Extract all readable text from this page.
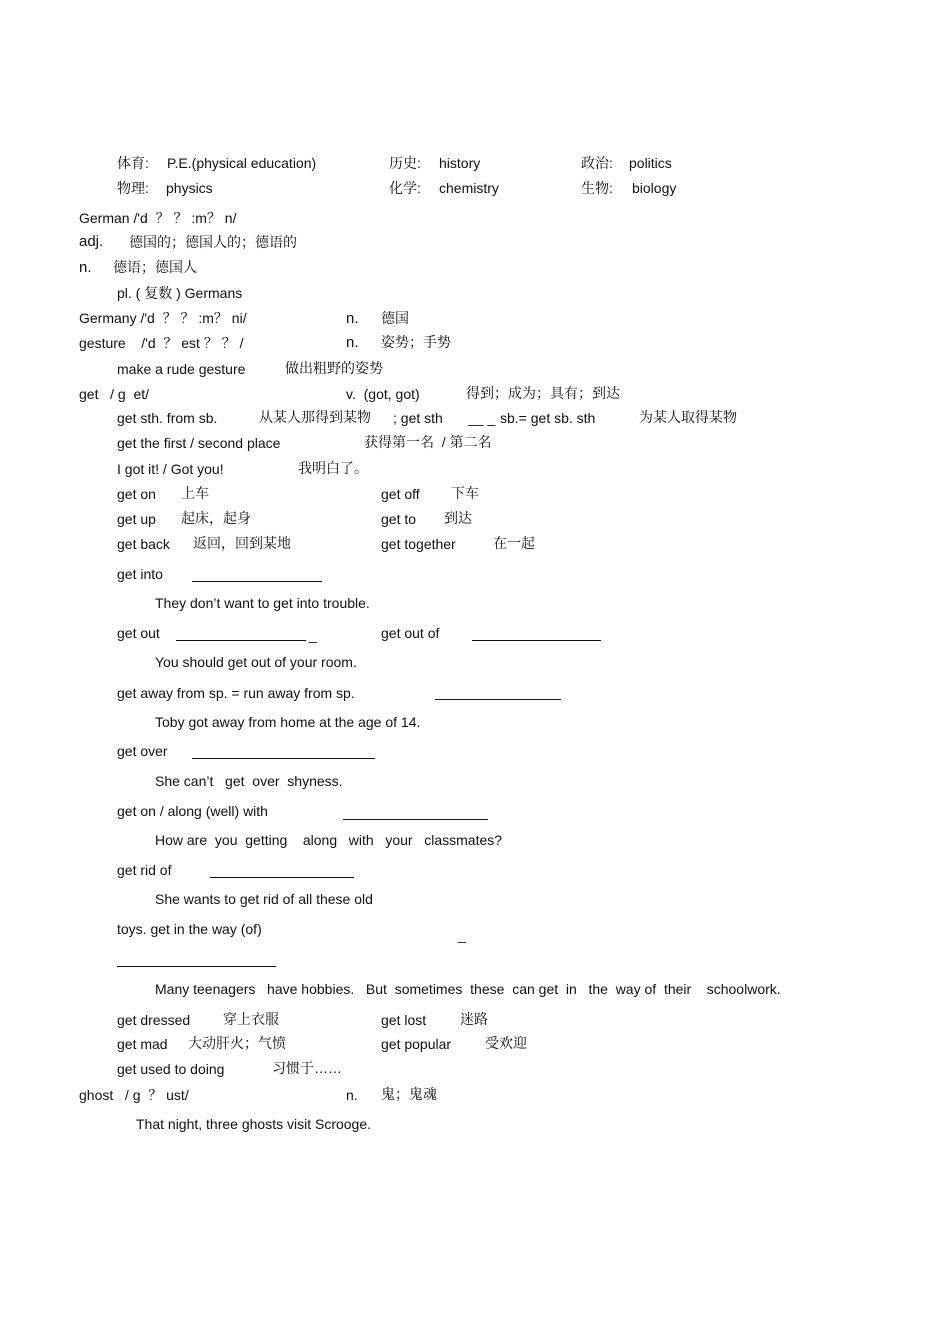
体育: P.E.(physical education)	历史: history	政治: politics
物理: physics	化学: chemistry	生物: biology
German /'d  ？ ？ :m？ n/
adj. 德国的；德国人的；德语的
n. 德语；德国人
pl. ( 复数 ) Germans
Germany /'d  ？ ？ :m？ ni/	n. 德国
gesture    /'d  ？ est ？ ？ /	n. 姿势；手势
make a rude gesture	做出粗野的姿势
get   / g  et/	v.  (got, got)	得到；成为；具有；到达
get sth. from sb.	从某人那得到某物 ; get sth __ _ sb.= get sb. sth	为某人取得某物
get the first / second place	获得第一名  / 第二名
I got it! / Got you!	我明白了。
get on 上车	get off 下车
get up 起床，起身	get to 到达
get back 返回，回到某地	get together	在一起
get into
They don’t want to get into trouble.
get out	_	get out of
You should get out of your room.
get away from sp. = run away from sp.
Toby got away from home at the age of 14.
get over
She can’t   get  over  shyness.
get on / along (well) with
How are  you  getting    along   with   your   classmates?
get rid of
She wants to get rid of all these old
toys. get in the way (of)	_
Many teenagers   have hobbies.   But  sometimes  these  can get  in   the  way of  their    schoolwork.
get dressed 穿上衣服	get lost 迷路
get mad 大动肝火；气愤	get popular 受欢迎
get used to doing	习惯于……
ghost   / g  ？ ust/	n. 鬼；鬼魂
That night, three ghosts visit Scrooge.
